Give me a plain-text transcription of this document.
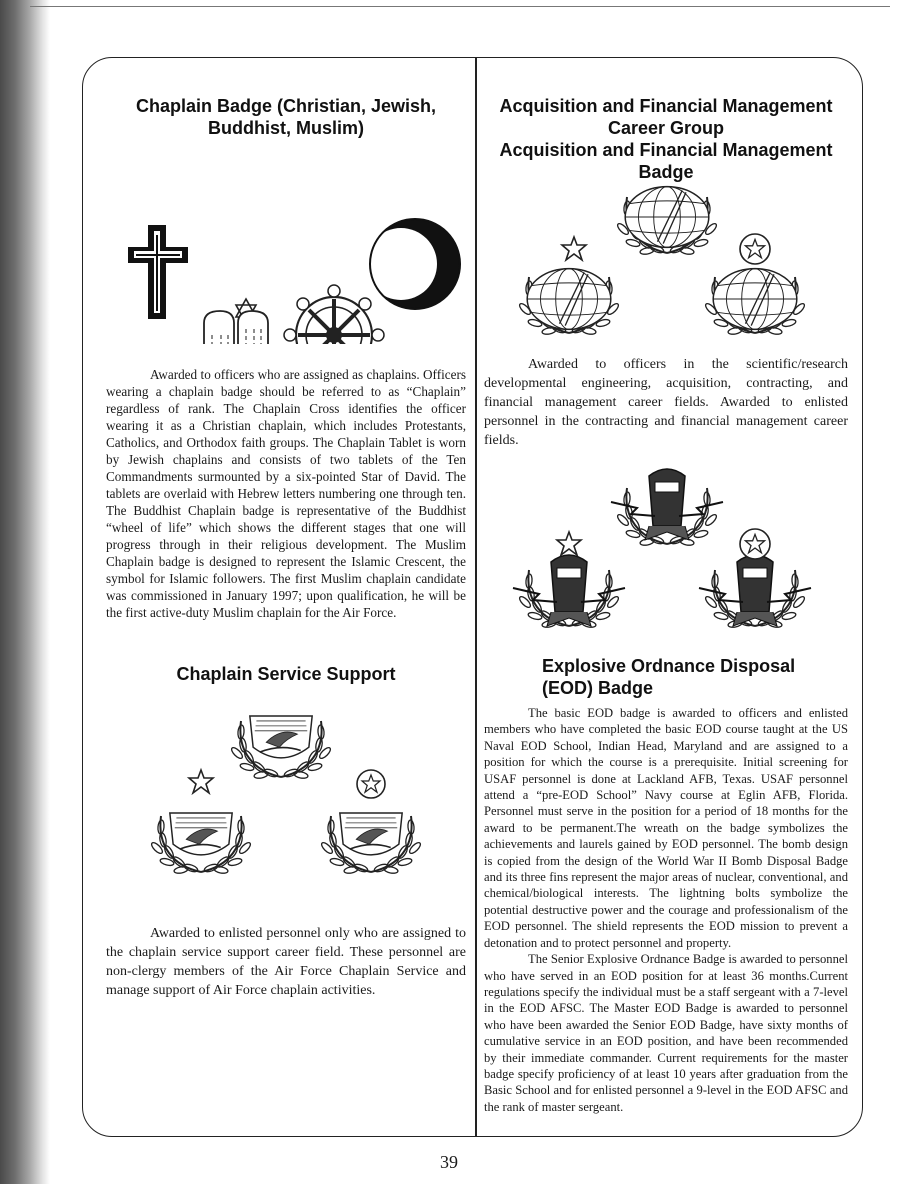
Chaplain Badge (Christian, Jewish,
Buddhist, Muslim)

Awarded to officers who are assigned as chaplains. Officers wearing a chaplain badge should be referred to as “Chaplain” regardless of rank. The Chaplain Cross identifies the officer wearing it as a Christian chaplain, which includes Protestants, Catholics, and Orthodox faith groups. The Chaplain Tablet is worn by Jewish chaplains and consists of two tablets of the Ten Commandments surmounted by a six-pointed Star of David. The tablets are overlaid with Hebrew letters numbering one through ten. The Buddhist Chaplain badge is representative of the Buddhist “wheel of life” which shows the different stages that one will progress through in their religious development. The Muslim Chaplain badge is designed to represent the Islamic Crescent, the symbol for Islamic followers. The first Muslim chaplain candidate was commissioned in January 1997; upon qualification, he will be the first active-duty Muslim chaplain for the Air Force.

Chaplain Service Support

Awarded to enlisted personnel only who are assigned to the chaplain service support career field. These personnel are non-clergy members of the Air Force Chaplain Service and manage support of Air Force chaplain activities.

Acquisition and Financial Management
Career Group
Acquisition and Financial Management
Badge

Awarded to officers in the scientific/research developmental engineering, acquisition, contracting, and financial management career fields. Awarded to enlisted personnel in the contracting and financial management career fields.

Explosive Ordnance Disposal
(EOD) Badge

The basic EOD badge is awarded to officers and enlisted members who have completed the basic EOD course taught at the US Naval EOD School, Indian Head, Maryland and are assigned to a position for which the course is a prerequisite. Initial screening for USAF personnel is done at Lackland AFB, Texas. USAF personnel attend a “pre-EOD School” Navy course at Eglin AFB, Florida. Personnel must serve in the position for a period of 18 months for the award to be permanent.The wreath on the badge symbolizes the achievements and laurels gained by EOD personnel. The bomb design is copied from the design of the World War II Bomb Disposal Badge and its three fins represent the major areas of nuclear, conventional, and chemical/biological interests. The lightning bolts symbolize the potential destructive power and the courage and professionalism of the EOD personnel. The shield represents the EOD mission to prevent a detonation and to protect personnel and property.

The Senior Explosive Ordnance Badge is awarded to personnel who have served in an EOD position for at least 36 months.Current regulations specify the individual must be a staff sergeant with a 7-level in the EOD AFSC. The Master EOD Badge is awarded to personnel who have been awarded the Senior EOD Badge, have sixty months of cumulative service in an EOD position, and have been recommended by their immediate commander. Current requirements for the master badge specify proficiency of at least 10 years after graduation from the Basic School and for enlisted personnel a 9-level in the EOD AFSC and the rank of master sergeant.

39
